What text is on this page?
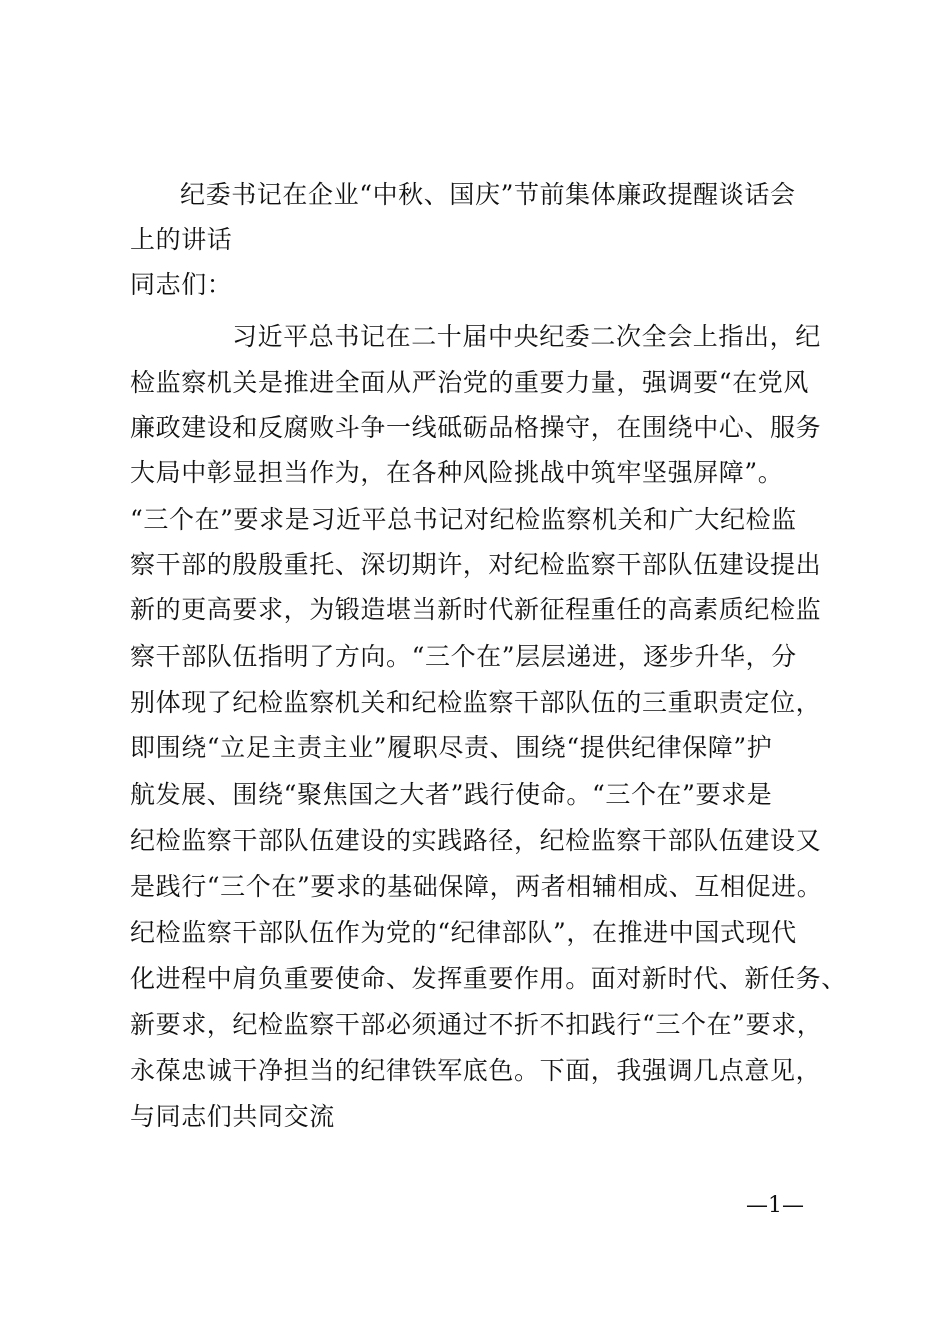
纪委书记在企业“中秋、国庆”节前集体廉政提醒谈话会
上的讲话
同志们：
习近平总书记在二十届中央纪委二次全会上指出，纪
检监察机关是推进全面从严治党的重要力量，强调要“在党风
廉政建设和反腐败斗争一线砥砺品格操守，在围绕中心、服务
大局中彰显担当作为，在各种风险挑战中筑牢坚强屏障”。
“三个在”要求是习近平总书记对纪检监察机关和广大纪检监
察干部的殷殷重托、深切期许，对纪检监察干部队伍建设提出
新的更高要求，为锻造堪当新时代新征程重任的高素质纪检监
察干部队伍指明了方向。“三个在”层层递进，逐步升华，分
别体现了纪检监察机关和纪检监察干部队伍的三重职责定位，
即围绕“立足主责主业”履职尽责、围绕“提供纪律保障”护
航发展、围绕“聚焦国之大者”践行使命。“三个在”要求是
纪检监察干部队伍建设的实践路径，纪检监察干部队伍建设又
是践行“三个在”要求的基础保障，两者相辅相成、互相促进。
纪检监察干部队伍作为党的“纪律部队”，在推进中国式现代
化进程中肩负重要使命、发挥重要作用。面对新时代、新任务、
新要求，纪检监察干部必须通过不折不扣践行“三个在”要求，
永葆忠诚干净担当的纪律铁军底色。下面，我强调几点意见，
与同志们共同交流
—1—
